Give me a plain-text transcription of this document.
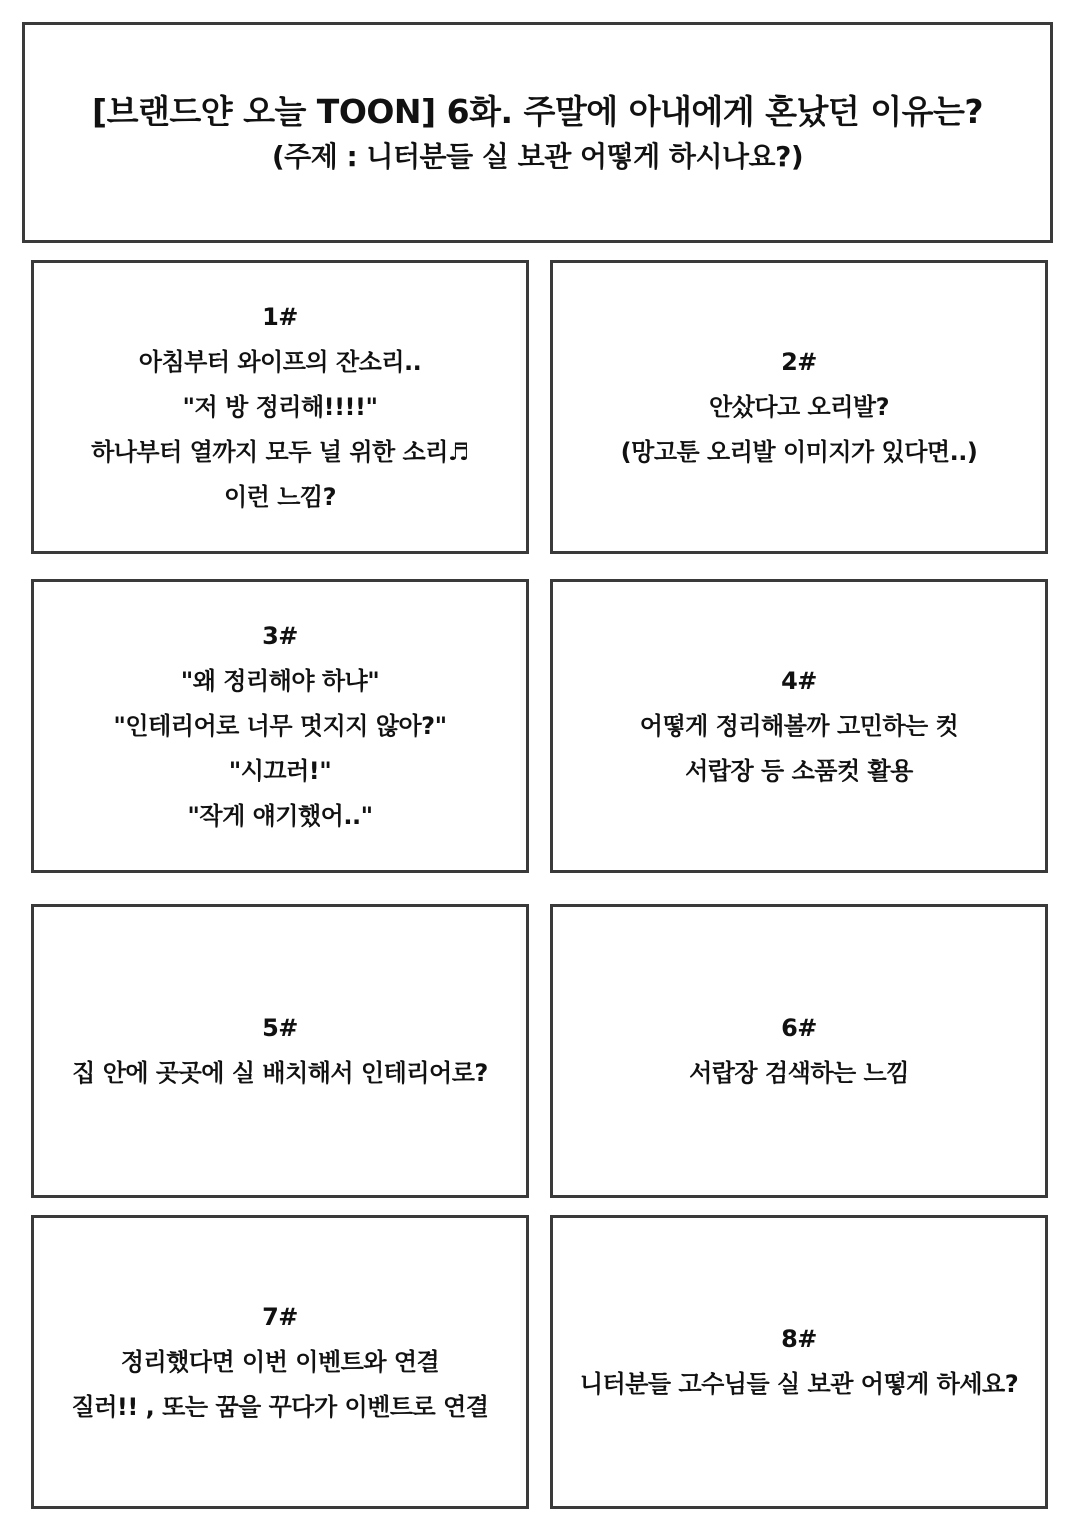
[브랜드얀 오늘 TOON] 6화. 주말에 아내에게 혼났던 이유는?
(주제 : 니터분들 실 보관 어떻게 하시나요?)
1#
아침부터 와이프의 잔소리..
"저 방 정리해!!!!"
하나부터 열까지 모두 널 위한 소리♬
이런 느낌?
2#
안샀다고 오리발?
(망고툰 오리발 이미지가 있다면..)
3#
"왜 정리해야 하냐"
"인테리어로 너무 멋지지 않아?"
"시끄러!"
"작게 얘기했어.."
4#
어떻게 정리해볼까 고민하는 컷
서랍장 등 소품컷 활용
5#
집 안에 곳곳에 실 배치해서 인테리어로?
6#
서랍장 검색하는 느낌
7#
정리했다면 이번 이벤트와 연결
질러!! , 또는 꿈을 꾸다가 이벤트로 연결
8#
니터분들 고수님들 실 보관 어떻게 하세요?
